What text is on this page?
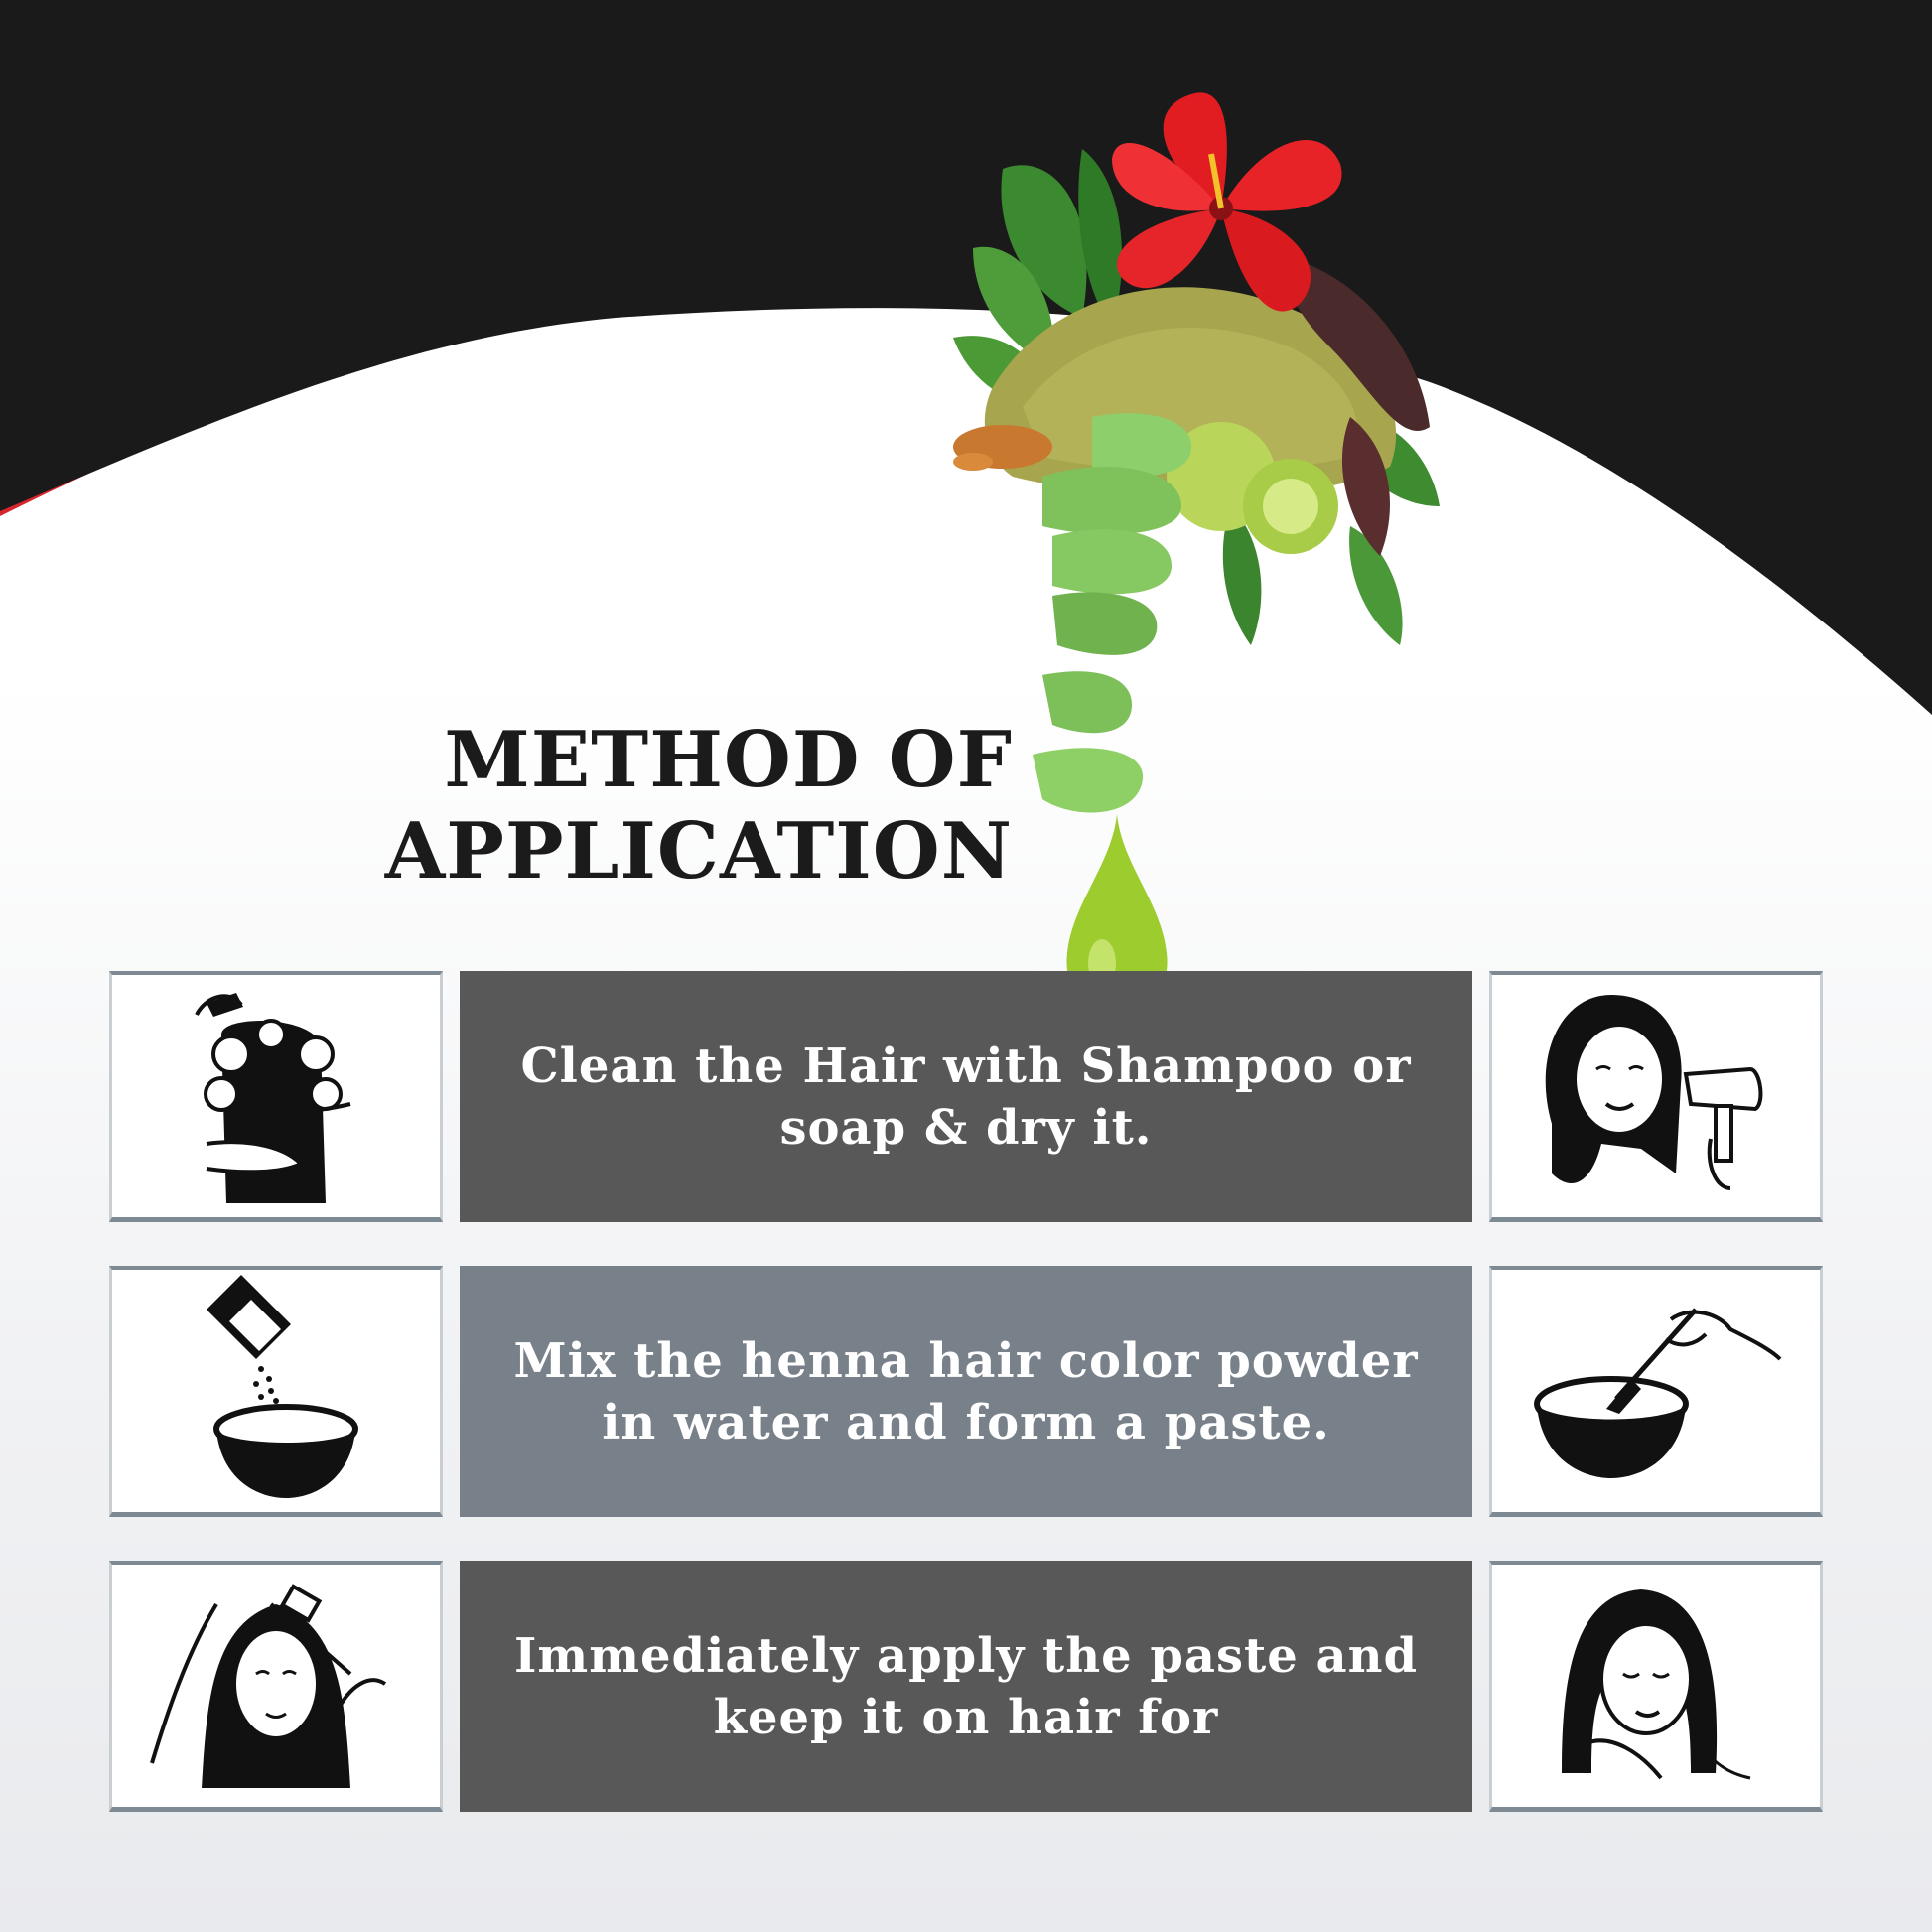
METHOD OF
APPLICATION
Clean the Hair with Shampoo or soap & dry it.
Mix the henna hair color powder in water and form a paste.
Immediately apply the paste and keep it on hair for
